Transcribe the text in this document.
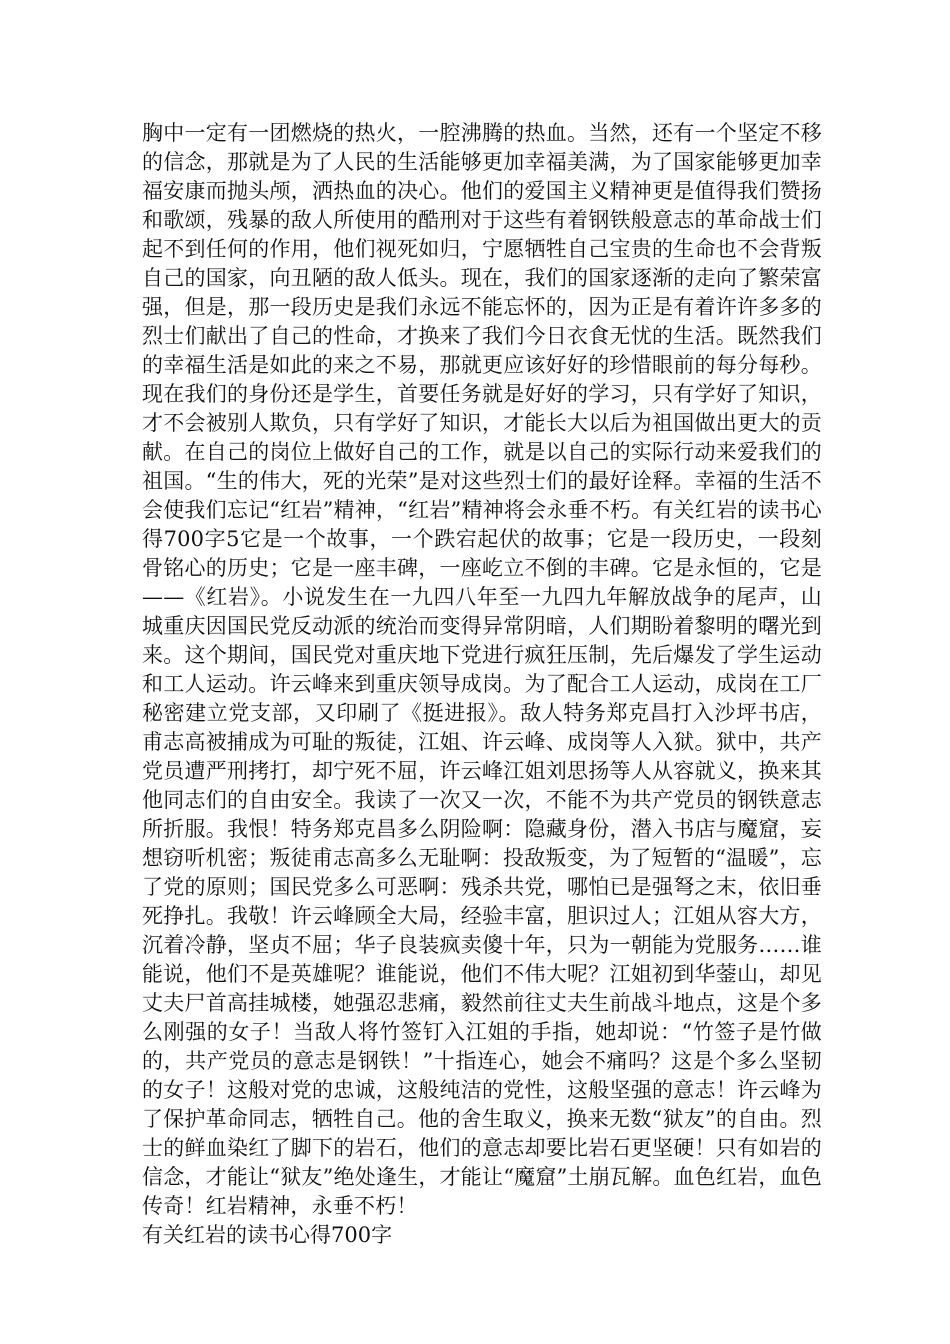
胸中一定有一团燃烧的热火，一腔沸腾的热血。当然，还有一个坚定不移的信念，那就是为了人民的生活能够更加幸福美满，为了国家能够更加幸福安康而抛头颅，洒热血的决心。他们的爱国主义精神更是值得我们赞扬和歌颂，残暴的敌人所使用的酷刑对于这些有着钢铁般意志的革命战士们起不到任何的作用，他们视死如归，宁愿牺牲自己宝贵的生命也不会背叛自己的国家，向丑陋的敌人低头。现在，我们的国家逐渐的走向了繁荣富强，但是，那一段历史是我们永远不能忘怀的，因为正是有着许许多多的烈士们献出了自己的性命，才换来了我们今日衣食无忧的生活。既然我们的幸福生活是如此的来之不易，那就更应该好好的珍惜眼前的每分每秒。现在我们的身份还是学生，首要任务就是好好的学习，只有学好了知识，才不会被别人欺负，只有学好了知识，才能长大以后为祖国做出更大的贡献。在自己的岗位上做好自己的工作，就是以自己的实际行动来爱我们的祖国。“生的伟大，死的光荣”是对这些烈士们的最好诠释。幸福的生活不会使我们忘记“红岩”精神，“红岩”精神将会永垂不朽。有关红岩的读书心得700字5它是一个故事，一个跌宕起伏的故事；它是一段历史，一段刻骨铭心的历史；它是一座丰碑，一座屹立不倒的丰碑。它是永恒的，它是——《红岩》。小说发生在一九四八年至一九四九年解放战争的尾声，山城重庆因国民党反动派的统治而变得异常阴暗，人们期盼着黎明的曙光到来。这个期间，国民党对重庆地下党进行疯狂压制，先后爆发了学生运动和工人运动。许云峰来到重庆领导成岗。为了配合工人运动，成岗在工厂秘密建立党支部，又印刷了《挺进报》。敌人特务郑克昌打入沙坪书店，甫志高被捕成为可耻的叛徒，江姐、许云峰、成岗等人入狱。狱中，共产党员遭严刑拷打，却宁死不屈，许云峰江姐刘思扬等人从容就义，换来其他同志们的自由安全。我读了一次又一次，不能不为共产党员的钢铁意志所折服。我恨！特务郑克昌多么阴险啊：隐藏身份，潜入书店与魔窟，妄想窃听机密；叛徒甫志高多么无耻啊：投敌叛变，为了短暂的“温暖”，忘了党的原则；国民党多么可恶啊：残杀共党，哪怕已是强弩之末，依旧垂死挣扎。我敬！许云峰顾全大局，经验丰富，胆识过人；江姐从容大方，沉着冷静，坚贞不屈；华子良装疯卖傻十年，只为一朝能为党服务……谁能说，他们不是英雄呢？谁能说，他们不伟大呢？江姐初到华蓥山，却见丈夫尸首高挂城楼，她强忍悲痛，毅然前往丈夫生前战斗地点，这是个多么刚强的女子！当敌人将竹签钉入江姐的手指，她却说：“竹签子是竹做的，共产党员的意志是钢铁！”十指连心，她会不痛吗？这是个多么坚韧的女子！这般对党的忠诚，这般纯洁的党性，这般坚强的意志！许云峰为了保护革命同志，牺牲自己。他的舍生取义，换来无数“狱友”的自由。烈士的鲜血染红了脚下的岩石，他们的意志却要比岩石更坚硬！只有如岩的信念，才能让“狱友”绝处逢生，才能让“魔窟”土崩瓦解。血色红岩，血色传奇！红岩精神，永垂不朽！

有关红岩的读书心得700字
